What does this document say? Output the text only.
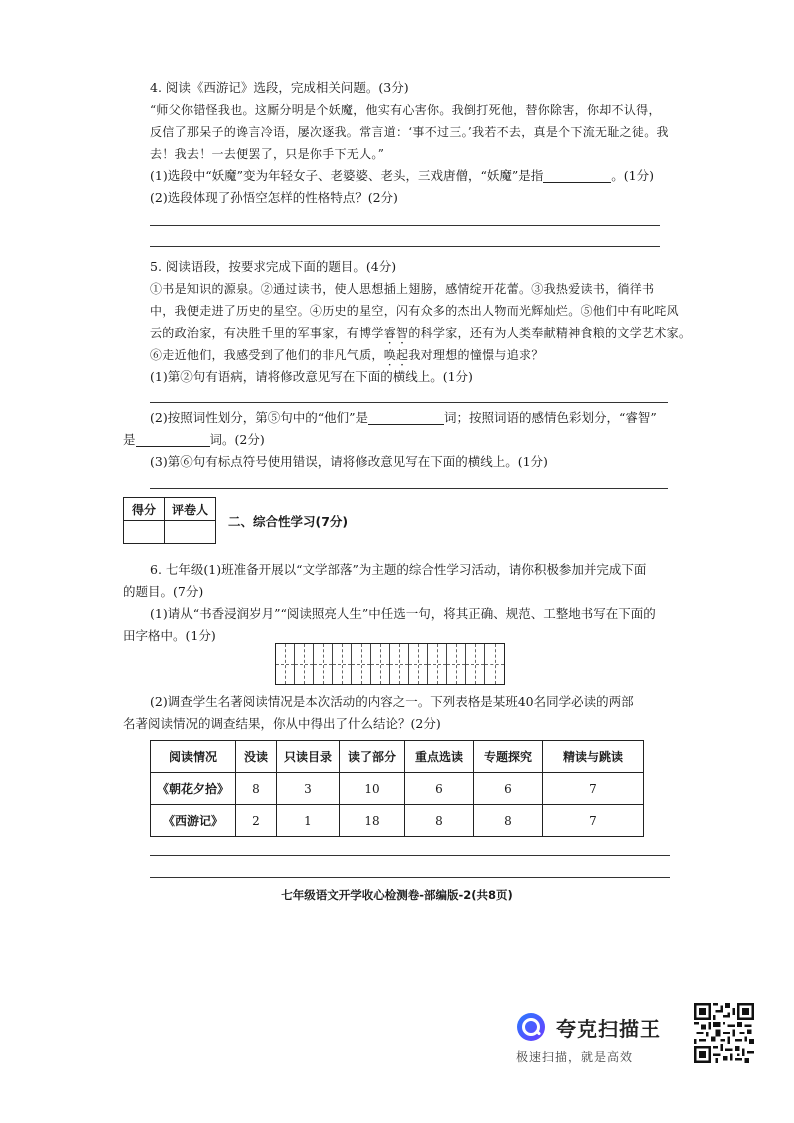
4. 阅读《西游记》选段，完成相关问题。(3分)
“师父你错怪我也。这厮分明是个妖魔，他实有心害你。我倒打死他，替你除害，你却不认得，
反信了那呆子的谗言冷语，屡次逐我。常言道：‘事不过三。’我若不去，真是个下流无耻之徒。我
去！我去！一去便罢了，只是你手下无人。”
(1)选段中“妖魔”变为年轻女子、老婆婆、老头，三戏唐僧，“妖魔”是指	。(1分)
(2)选段体现了孙悟空怎样的性格特点？(2分)
5. 阅读语段，按要求完成下面的题目。(4分)
①书是知识的源泉。②通过读书，使人思想插上翅膀，感情绽开花蕾。③我热爱读书，徜徉书
中，我便走进了历史的星空。④历史的星空，闪有众多的杰出人物而光辉灿烂。⑤他们中有叱咤风
云的政治家，有决胜千里的军事家，有博学睿智的科学家，还有为人类奉献精神食粮的文学艺术家。
⑥走近他们，我感受到了他们的非凡气质，唤起我对理想的憧憬与追求？
(1)第②句有语病，请将修改意见写在下面的横线上。(1分)
(2)按照词性划分，第⑤句中的“他们”是	词；按照词语的感情色彩划分，“睿智”
是	词。(2分)
(3)第⑥句有标点符号使用错误，请将修改意见写在下面的横线上。(1分)
得分	评卷人

二、综合性学习(7分)
6. 七年级(1)班准备开展以“文学部落”为主题的综合性学习活动，请你积极参加并完成下面
的题目。(7分)
(1)请从“书香浸润岁月”“阅读照亮人生”中任选一句，将其正确、规范、工整地书写在下面的
田字格中。(1分)
(2)调查学生名著阅读情况是本次活动的内容之一。下列表格是某班40名同学必读的两部
名著阅读情况的调查结果，你从中得出了什么结论？(2分)
阅读情况	没读	只读目录	读了部分	重点选读	专题探究	精读与跳读
《朝花夕拾》	8	3	10	6	6	7
《西游记》	2	1	18	8	8	7
七年级语文开学收心检测卷-部编版-2(共8页)
夸克扫描王
极速扫描，就是高效
